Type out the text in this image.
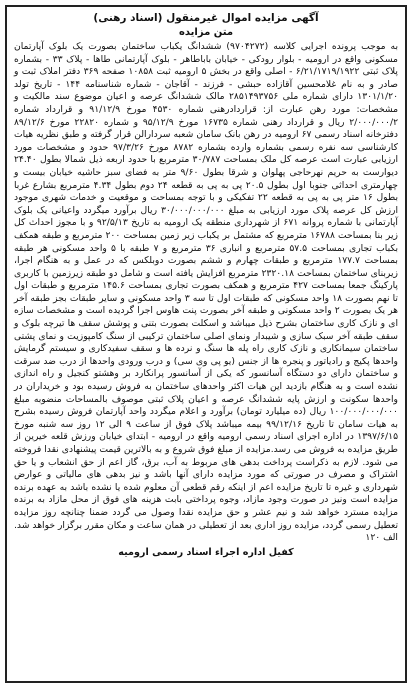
آگهی مزایده اموال غیرمنقول (اسناد رهنی)
متن مزایده
به موجب پرونده اجرایی کلاسه (۹۷۰۴۲۷۲) ششدانگ یکباب ساختمان بصورت یک بلوک آپارتمان مسکونی واقع در ارومیه - بلوار رودکی - خیابان باباطاهر - بلوک آپارتمانی طاها - پلاک ۳۳ - بشماره پلاک ثبتی ۶/۲۱/۱۷۱۹/۱۹۲۲ - اصلی واقع در بخش ۵ ارومیه ثبت ۱۰۸۵۸ صفحه ۳۶۹ دفتر املاک ثبت و صادر و به نام غلامحسین آقازاده حبشی - فرزند - آقاجان - شماره شناسنامه ۱۴۴ - تاریخ تولد ۱۳۰۱/۱/۲۰ دارای شماره ملی ۲۸۵۱۴۹۳۷۵۶ مالک ششدانگ عرصه و اعیان موضوع سند مالکیت و مشخصات: مورد رهن عبارت از: قراردادرهنی شماره ۴۵۳۰ مورخ ۹۱/۱۲/۹ و قرارداد شماره ۲/۰۰۰/۰۰۰/۲ ریال و قرارداد رهنی شماره ۱۶۷۳۵ مورخ ۹۵/۱۲/۹ و شماره ۲۲۸۲۰ مورخ ۸۹/۱۲/۶ دفترخانه اسناد رسمی ۶۷ ارومیه در رهن بانک سامان شعبه سردارالن قرار گرفته و طبق نظریه هیات کارشناسی سه نفره رسمی بشماره وارده بشماره ۸۷۸۲ مورخ ۹۷/۳/۲۶ حدود و مشخصات مورد ارزیابی عبارت است عرصه کل ملک بمساحت ۳۰/۷۸۷ مترمربع با حدود اربعه ذیل شمالا بطول ۲۴.۴۰ دیوارست به حریم نهرحاجی پهلوان و شرقا بطول ۹/۶۰ متر به فضای سبز حاشیه خیابان بیست و چهارمتری احداثی جنوبا اول بطول ۲۰.۵ پی به پی به قطعه ۲۴ دوم بطول ۴.۳۴ مترمربع بشارع غربا بطول ۱۶ متر پی به پی به قطعه ۲۲ تفکیکی و با توجه بمساحت و موقعیت و خدمات شهری موجود ارزش کل عرصه پلاک مورد ارزیابی به مبلغ ۳۰/۰۰۰/۰۰۰/۰۰۰ ریال برآورد میگردد واعیانی یک بلوک آپارتمانی با شماره پروانه ۶۷۱ از شهرداری منطقه یک ارومیه به تاریخ ۹۲/۵/۱۳ و با مجوز احداث کل زیر بنا بمساحت ۱۶۷۸۸ مترمربع که مشتمل بر یکباب زیر زمین بمساحت ۲۰۰ مترمربع و طبقه همکف بکباب تجاری بمساحت ۵۷.۵ مترمربع و انباری ۳۶ مترمربع و ۷ طبقه با ۵ واحد مسکونی هر طبقه بمساحت ۱۷۷.۷ مترمربع و طبقات چهارم و ششم بصورت دوبلکس که در عمل و به هنگام اجرا، زیربنای ساختمان بمساحت ۲۳۲۰.۱۸ مترمربع افزایش یافته است و شامل دو طبقه زیرزمین با کاربری پارکینگ جمعا بمساحت ۴۲۷ مترمربع و همکف بصورت تجاری بمساحت ۱۴۵.۶ مترمربع و طبقات اول تا نهم بصورت ۱۸ واحد مسکونی که طبقات اول تا سه ۳ واحد مسکونی و سایر طبقات بجز طبقه آخر هر یک بصورت ۲ واحد مسکونی و طبقه آخر بصورت پنت هاوس اجرا گردیده است و مشخصات سازه ای و نازک کاری ساختمان بشرح ذیل میباشد و اسکلت بصورت بتنی و پوشش سقف ها تیرچه بلوک و سقف طبقه آخر سبک سازی و شیبدار ونمای اصلی ساختمان ترکیبی از سنگ کامپوزیت و نمای پشتی ساختمان سیمانکاری و نازک کاری راه پله ها سنگ و نرده ها و سقف سفیدکاری و سیستم گرمایش واحدها پکیج و رادیاتور و پنجره ها از جنس (یو پی وی سی) و درب ورودی واحدها از درب ضد سرقت و ساختمان دارای دو دستگاه آسانسور که یکی از آسانسور پرانکارد بر وهشتو کنجیل و راه اندازی نشده است و به هنگام بازدید این هیات اکثر واحدهای ساختمان به فروش رسیده بود و خریداران در واحدها سکونت و ارزش پایه ششدانگ عرصه و اعیان پلاک ثبتی موصوف بالمساحات منضوبه مبلغ ۱۰۰/۰۰۰/۰۰۰/۰۰۰ ریال (ده میلیارد تومان) برآورد و اعلام میگردد واحد آپارتمان فروش رسیده بشرح به هیات سامان تا تاریخ ۹۹/۱۲/۱۶ بیمه میباشد پلاک فوق از ساعت ۹ الی ۱۲ روز سه شنبه مورخ ۱۳۹۷/۶/۱۵ در اداره اجرای اسناد رسمی ارومیه واقع در ارومیه - ابتدای خیابان ورزش قلعه خیرین از طریق مزایده به فروش می رسد.مزایده از مبلغ فوق شروع و به بالاترین قیمت پیشنهادی نقدا فروخته می شود. لازم به ذکراست پرداخت بدهی های مربوط به آب، برق، گاز اعم از حق انشعاب و یا حق اشتراک و مصرف در صورتی که مورد مزایده دارای آنها باشد و نیز بدهی های مالیاتی و عوارض شهرداری و غیره تا تاریخ مزایده اعم از اینکه رقم قطعی آن معلوم شده یا نشده باشد به عهده برنده مزایده است ونیز در صورت وجود مازاد، وجوه پرداختی بابت هزینه های فوق از محل مازاد به برنده مزایده مسترد خواهد شد و نیم عشر و حق مزایده نقدا وصول می گردد ضمنا چنانچه روز مزایده تعطیل رسمی گردد، مزایده روز اداری بعد از تعطیلی در همان ساعت و مکان مقرر برگزار خواهد شد. الف ۱۲۰
کفیل اداره اجراء اسناد رسمی ارومیه
